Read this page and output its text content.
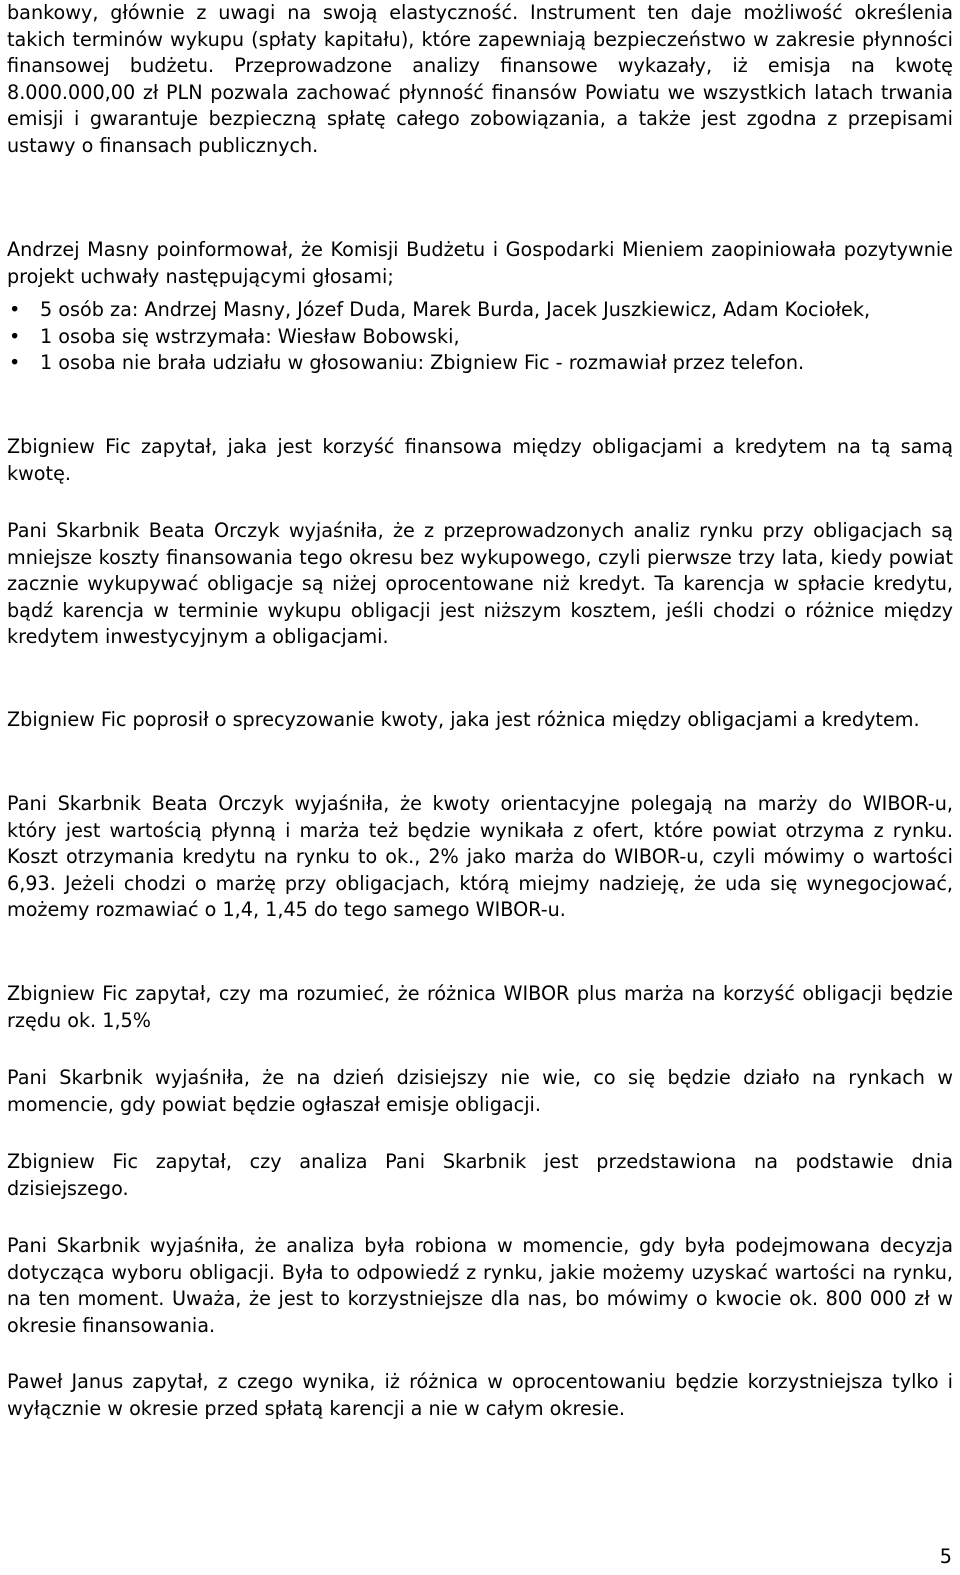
bankowy, głównie z uwagi na swoją elastyczność. Instrument ten daje możliwość określenia takich terminów wykupu (spłaty kapitału), które zapewniają bezpieczeństwo w zakresie płynności finansowej budżetu. Przeprowadzone analizy finansowe wykazały, iż emisja na kwotę 8.000.000,00 zł PLN pozwala zachować płynność finansów Powiatu we wszystkich latach trwania emisji i gwarantuje bezpieczną spłatę całego zobowiązania, a także jest zgodna z przepisami ustawy o finansach publicznych.

Andrzej Masny poinformował, że Komisji Budżetu i Gospodarki Mieniem zaopiniowała pozytywnie projekt uchwały następującymi głosami;

•	5 osób za: Andrzej Masny, Józef Duda, Marek Burda, Jacek Juszkiewicz, Adam Kociołek,
•	1 osoba się wstrzymała: Wiesław Bobowski,
•	1 osoba nie brała udziału w głosowaniu: Zbigniew Fic - rozmawiał przez telefon.

Zbigniew Fic zapytał, jaka jest korzyść finansowa między obligacjami a kredytem na tą samą kwotę.

Pani Skarbnik Beata Orczyk wyjaśniła, że z przeprowadzonych analiz rynku przy obligacjach są mniejsze koszty finansowania tego okresu bez wykupowego, czyli pierwsze trzy lata, kiedy powiat zacznie wykupywać obligacje są niżej oprocentowane niż kredyt. Ta karencja w spłacie kredytu, bądź karencja w terminie wykupu obligacji jest niższym kosztem, jeśli chodzi o różnice między kredytem inwestycyjnym a obligacjami.

Zbigniew Fic poprosił o sprecyzowanie kwoty, jaka jest różnica między obligacjami a kredytem.

Pani Skarbnik Beata Orczyk wyjaśniła, że kwoty orientacyjne polegają na marży do WIBOR-u, który jest wartością płynną i marża też będzie wynikała z ofert, które powiat otrzyma z rynku. Koszt otrzymania kredytu na rynku to ok., 2% jako marża do WIBOR-u, czyli mówimy o wartości 6,93. Jeżeli chodzi o marżę przy obligacjach, którą miejmy nadzieję, że uda się wynegocjować, możemy rozmawiać o 1,4, 1,45 do tego samego WIBOR-u.

Zbigniew Fic zapytał, czy ma rozumieć, że różnica WIBOR plus marża na korzyść obligacji będzie rzędu ok. 1,5%

Pani Skarbnik wyjaśniła, że na dzień dzisiejszy nie wie, co się będzie działo na rynkach w momencie, gdy powiat będzie ogłaszał emisje obligacji.

Zbigniew Fic zapytał, czy analiza Pani Skarbnik jest przedstawiona na podstawie dnia dzisiejszego.

Pani Skarbnik wyjaśniła, że analiza była robiona w momencie, gdy była podejmowana decyzja dotycząca wyboru obligacji. Była to odpowiedź z rynku, jakie możemy uzyskać wartości na rynku, na ten moment. Uważa, że jest to korzystniejsze dla nas, bo mówimy o kwocie ok. 800 000 zł w okresie finansowania.

Paweł Janus zapytał, z czego wynika, iż różnica w oprocentowaniu będzie korzystniejsza tylko i wyłącznie w okresie przed spłatą karencji a nie w całym okresie.

5
